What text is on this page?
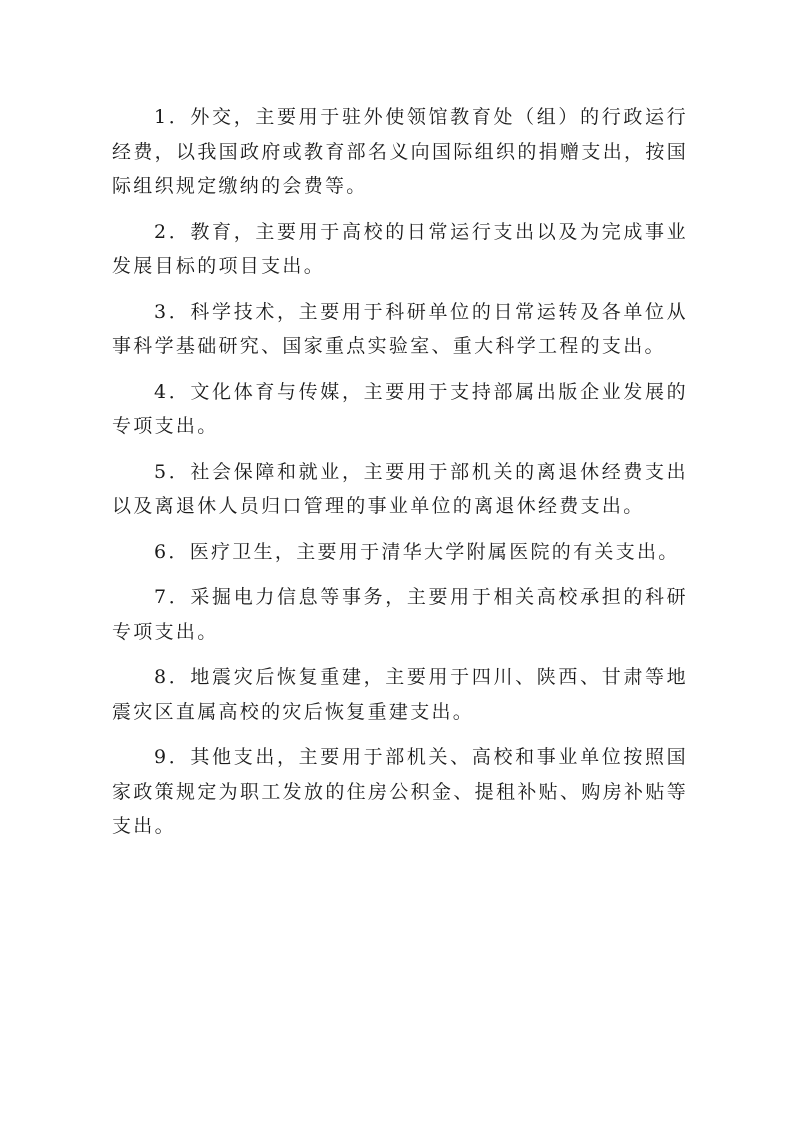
1．外交，主要用于驻外使领馆教育处（组）的行政运行经费，以我国政府或教育部名义向国际组织的捐赠支出，按国际组织规定缴纳的会费等。

2．教育，主要用于高校的日常运行支出以及为完成事业发展目标的项目支出。

3．科学技术，主要用于科研单位的日常运转及各单位从事科学基础研究、国家重点实验室、重大科学工程的支出。

4．文化体育与传媒，主要用于支持部属出版企业发展的专项支出。

5．社会保障和就业，主要用于部机关的离退休经费支出以及离退休人员归口管理的事业单位的离退休经费支出。

6．医疗卫生，主要用于清华大学附属医院的有关支出。

7．采掘电力信息等事务，主要用于相关高校承担的科研专项支出。

8．地震灾后恢复重建，主要用于四川、陕西、甘肃等地震灾区直属高校的灾后恢复重建支出。

9．其他支出，主要用于部机关、高校和事业单位按照国家政策规定为职工发放的住房公积金、提租补贴、购房补贴等支出。
